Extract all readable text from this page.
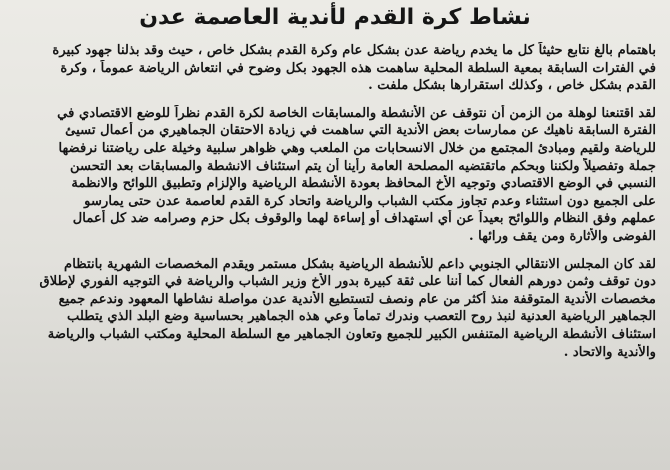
نشاط كرة القدم لأندية العاصمة عدن
باهتمام بالغ نتابع حثيثاً كل ما يخدم رياضة عدن بشكل عام وكرة القدم بشكل خاص ، حيث وقد بذلنا جهود كبيرة
في الفترات السابقة بمعية السلطة المحلية ساهمت هذه الجهود بكل وضوح في انتعاش الرياضة عموماً ، وكرة
القدم بشكل خاص ، وكذلك استقرارها بشكل ملفت .
لقد اقتنعنا لوهلة من الزمن أن نتوقف عن الأنشطة والمسابقات الخاصة لكرة القدم نظراً للوضع الاقتصادي في
الفترة السابقة ناهيك عن ممارسات بعض الأندية التي ساهمت في زيادة الاحتقان الجماهيري من أعمال تسيئ
للرياضة ولقيم ومبادئ المجتمع من خلال الانسحابات من الملعب وهي ظواهر سلبية وخيلة على رياضتنا نرفضها
جملة وتفصيلاً ولكننا وبحكم ماتقتضيه المصلحة العامة رأينا أن يتم استئناف الانشطة والمسابقات بعد التحسن
النسبي في الوضع الاقتصادي وتوجيه الأخ المحافظ بعودة الأنشطة الرياضية والإلزام وتطبيق اللوائح والانظمة
على الجميع دون استثناء وعدم تجاوز مكتب الشباب والرياضة واتحاد كرة القدم لعاصمة عدن حتى يمارسو
عملهم وفق النظام واللوائح بعيداً عن أي استهداف أو إساءة لهما والوقوف بكل حزم وصرامه ضد كل أعمال
الفوضى والأثارة ومن يقف ورائها .
لقد كان المجلس الانتقالي الجنوبي داعم للأنشطة الرياضية بشكل مستمر ويقدم المخصصات الشهرية بانتظام
دون توقف وثمن دورهم الفعال كما أننا على ثقة كبيرة بدور الأخ وزير الشباب والرياضة في التوجيه الفوري لإطلاق
مخصصات الأندية المتوقفة منذ أكثر من عام ونصف لتستطيع الأندية عدن مواصلة نشاطها المعهود وندعم جميع
الجماهير الرياضية العدنية لنبذ روح التعصب وندرك تماماً وعي هذه الجماهير بحساسية وضع البلد الذي يتطلب
استئناف الأنشطة الرياضية المتنفس الكبير للجميع وتعاون الجماهير مع السلطة المحلية ومكتب الشباب والرياضة
والأندية والاتحاد .
